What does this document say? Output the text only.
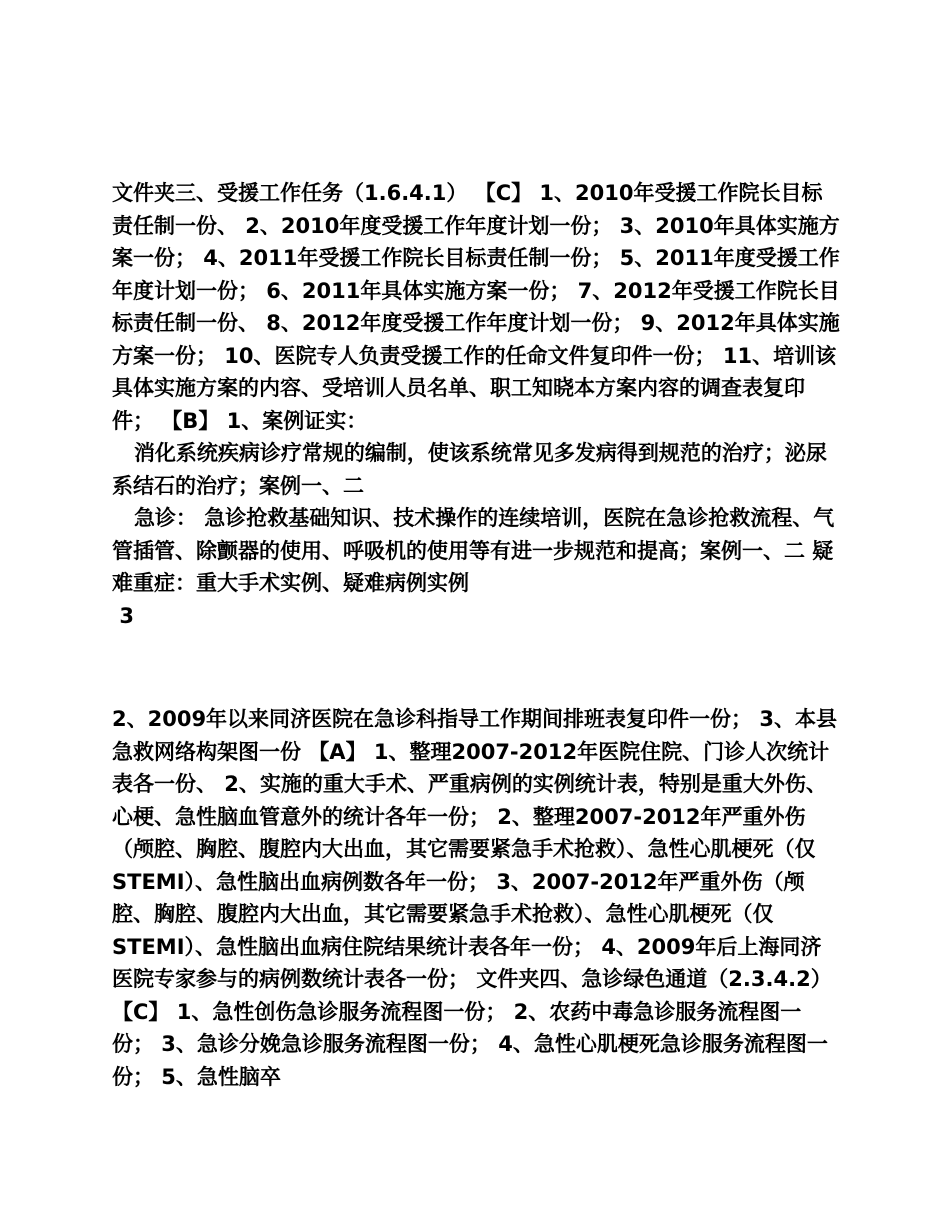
文件夹三、受援工作任务（1.6.4.1） 【C】 1、2010年受援工作院长目标责任制一份、 2、2010年度受援工作年度计划一份； 3、2010年具体实施方案一份； 4、2011年受援工作院长目标责任制一份； 5、2011年度受援工作年度计划一份； 6、2011年具体实施方案一份； 7、2012年受援工作院长目标责任制一份、 8、2012年度受援工作年度计划一份； 9、2012年具体实施方案一份； 10、医院专人负责受援工作的任命文件复印件一份； 11、培训该具体实施方案的内容、受培训人员名单、职工知晓本方案内容的调查表复印件； 【B】 1、案例证实：

消化系统疾病诊疗常规的编制，使该系统常见多发病得到规范的治疗；泌尿系结石的治疗；案例一、二

急诊： 急诊抢救基础知识、技术操作的连续培训，医院在急诊抢救流程、气管插管、除颤器的使用、呼吸机的使用等有进一步规范和提高；案例一、二 疑难重症：重大手术实例、疑难病例实例

3

2、2009年以来同济医院在急诊科指导工作期间排班表复印件一份； 3、本县急救网络构架图一份 【A】 1、整理2007-2012年医院住院、门诊人次统计表各一份、 2、实施的重大手术、严重病例的实例统计表，特别是重大外伤、心梗、急性脑血管意外的统计各年一份； 2、整理2007-2012年严重外伤（颅腔、胸腔、腹腔内大出血，其它需要紧急手术抢救）、急性心肌梗死（仅STEMI）、急性脑出血病例数各年一份； 3、2007-2012年严重外伤（颅腔、胸腔、腹腔内大出血，其它需要紧急手术抢救）、急性心肌梗死（仅STEMI）、急性脑出血病住院结果统计表各年一份； 4、2009年后上海同济医院专家参与的病例数统计表各一份； 文件夹四、急诊绿色通道（2.3.4.2） 【C】 1、急性创伤急诊服务流程图一份； 2、农药中毒急诊服务流程图一份； 3、急诊分娩急诊服务流程图一份； 4、急性心肌梗死急诊服务流程图一份； 5、急性脑卒
